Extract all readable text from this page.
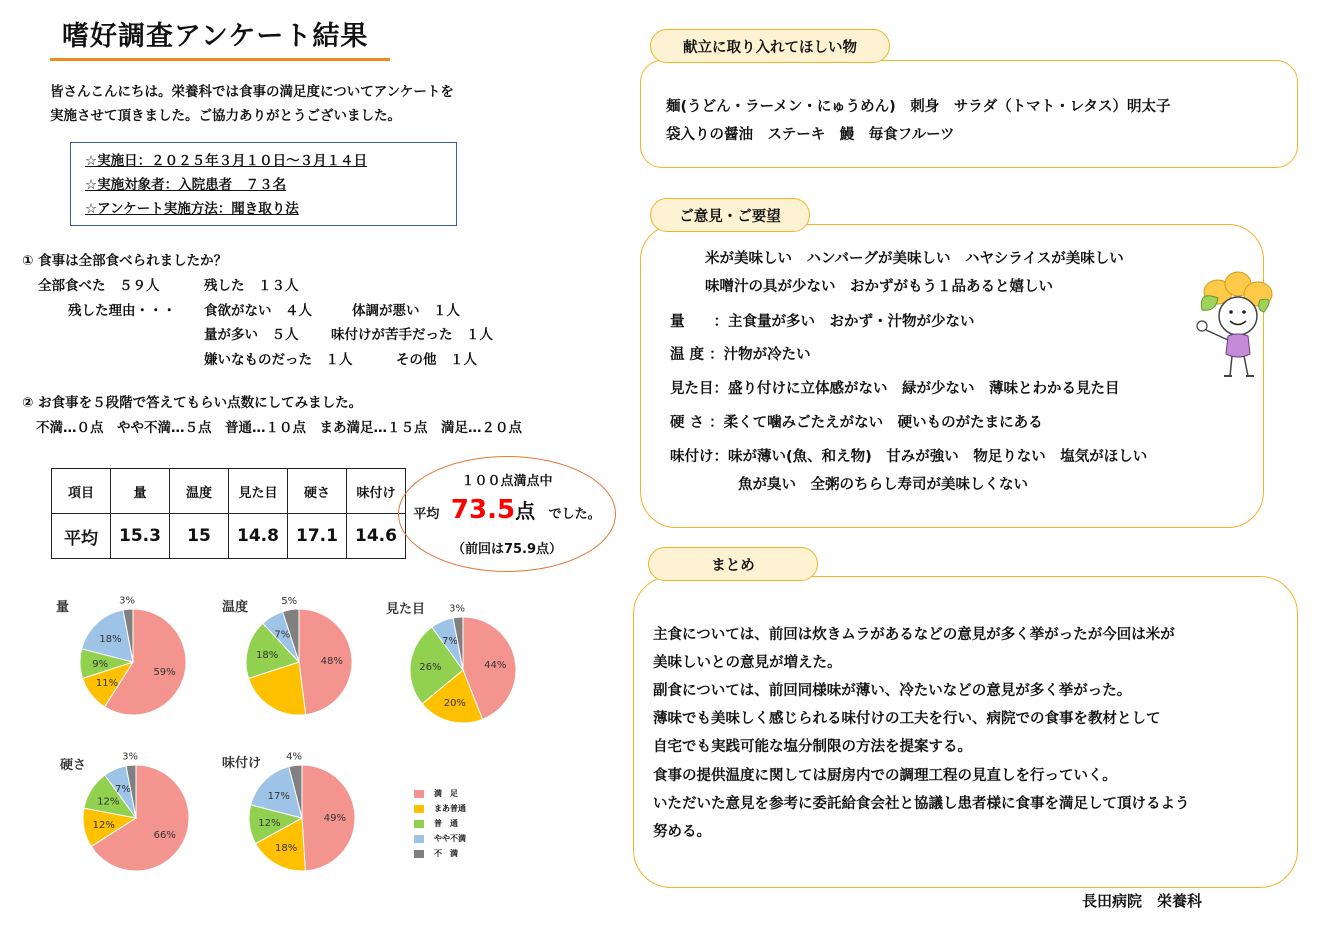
嗜好調査アンケート結果
皆さんこんにちは。栄養科では食事の満足度についてアンケートを
実施させて頂きました。ご協力ありがとうございました。
☆実施日：２０２５年３月１０日～３月１４日
☆実施対象者：入院患者　７３名
☆アンケート実施方法：聞き取り法
① 食事は全部食べられましたか？
全部食べた　５９人	残した　１３人
残した理由・・・ 食欲がない　４人	体調が悪い　１人
量が多い　５人 味付けが苦手だった　１人
嫌いなものだった　１人	その他　１人
② お食事を５段階で答えてもらい点数にしてみました。
不満…０点　やや不満…５点　普通…１０点　まあ満足…１５点　満足…２０点
項目	量	温度	見た目	硬さ	味付け
平均	15.3	15	14.8	17.1	14.6
１００点満点中
平均 73.5点 でした。
（前回は75.9点）
量	温度	見た目
硬さ	味付け
59%
11%
9%
18%
3%
48%
18%
7%
5%
44%
20%
26%
7%
3%
66%
12%
12%
7%
3%
49%
18%
12%
17%
4%
満　足
まあ普通
普　通
やや不満
不　満
献立に取り入れてほしい物
麺(うどん・ラーメン・にゅうめん)　刺身　サラダ（トマト・レタス）明太子
袋入りの醤油　ステーキ　鰻　毎食フルーツ
ご意見・ご要望
米が美味しい　ハンバーグが美味しい　ハヤシライスが美味しい
味噌汁の具が少ない　おかずがもう１品あると嬉しい
量　　：主食量が多い　おかず・汁物が少ない
温 度 ：汁物が冷たい
見た目：盛り付けに立体感がない　緑が少ない　薄味とわかる見た目
硬 さ ：柔くて噛みごたえがない　硬いものがたまにある
味付け：味が薄い(魚、和え物)　甘みが強い　物足りない　塩気がほしい
魚が臭い　全粥のちらし寿司が美味しくない
まとめ
主食については、前回は炊きムラがあるなどの意見が多く挙がったが今回は米が
美味しいとの意見が増えた。
副食については、前回同様味が薄い、冷たいなどの意見が多く挙がった。
薄味でも美味しく感じられる味付けの工夫を行い、病院での食事を教材として
自宅でも実践可能な塩分制限の方法を提案する。
食事の提供温度に関しては厨房内での調理工程の見直しを行っていく。
いただいた意見を参考に委託給食会社と協議し患者様に食事を満足して頂けるよう
努める。
長田病院　栄養科
